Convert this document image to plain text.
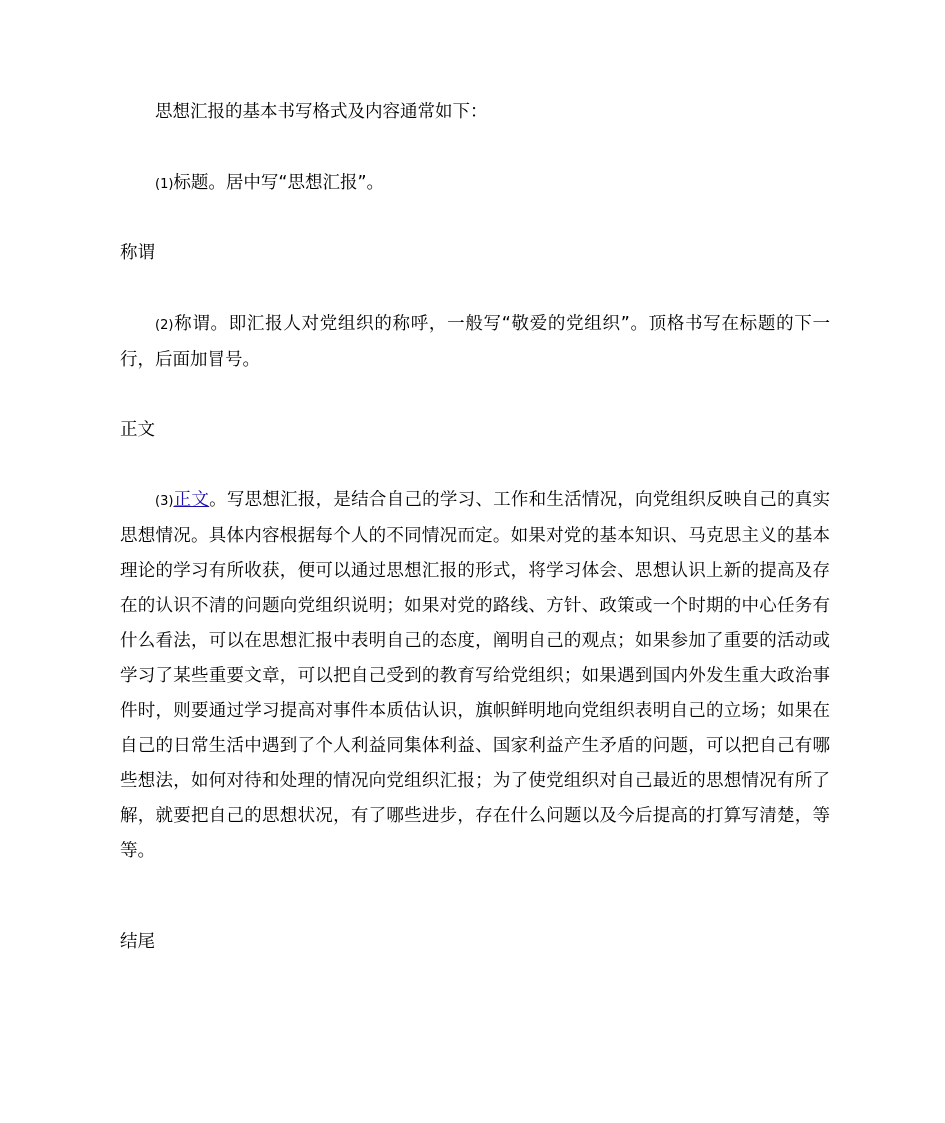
思想汇报的基本书写格式及内容通常如下：

(1)标题。居中写“思想汇报”。

称谓

(2)称谓。即汇报人对党组织的称呼，一般写“敬爱的党组织”。顶格书写在标题的下一行，后面加冒号。

正文

(3)正文。写思想汇报，是结合自己的学习、工作和生活情况，向党组织反映自己的真实思想情况。具体内容根据每个人的不同情况而定。如果对党的基本知识、马克思主义的基本理论的学习有所收获，便可以通过思想汇报的形式，将学习体会、思想认识上新的提高及存在的认识不清的问题向党组织说明；如果对党的路线、方针、政策或一个时期的中心任务有什么看法，可以在思想汇报中表明自己的态度，阐明自己的观点；如果参加了重要的活动或学习了某些重要文章，可以把自己受到的教育写给党组织；如果遇到国内外发生重大政治事件时，则要通过学习提高对事件本质估认识，旗帜鲜明地向党组织表明自己的立场；如果在自己的日常生活中遇到了个人利益同集体利益、国家利益产生矛盾的问题，可以把自己有哪些想法，如何对待和处理的情况向党组织汇报；为了使党组织对自己最近的思想情况有所了解，就要把自己的思想状况，有了哪些进步，存在什么问题以及今后提高的打算写清楚，等等。

结尾
